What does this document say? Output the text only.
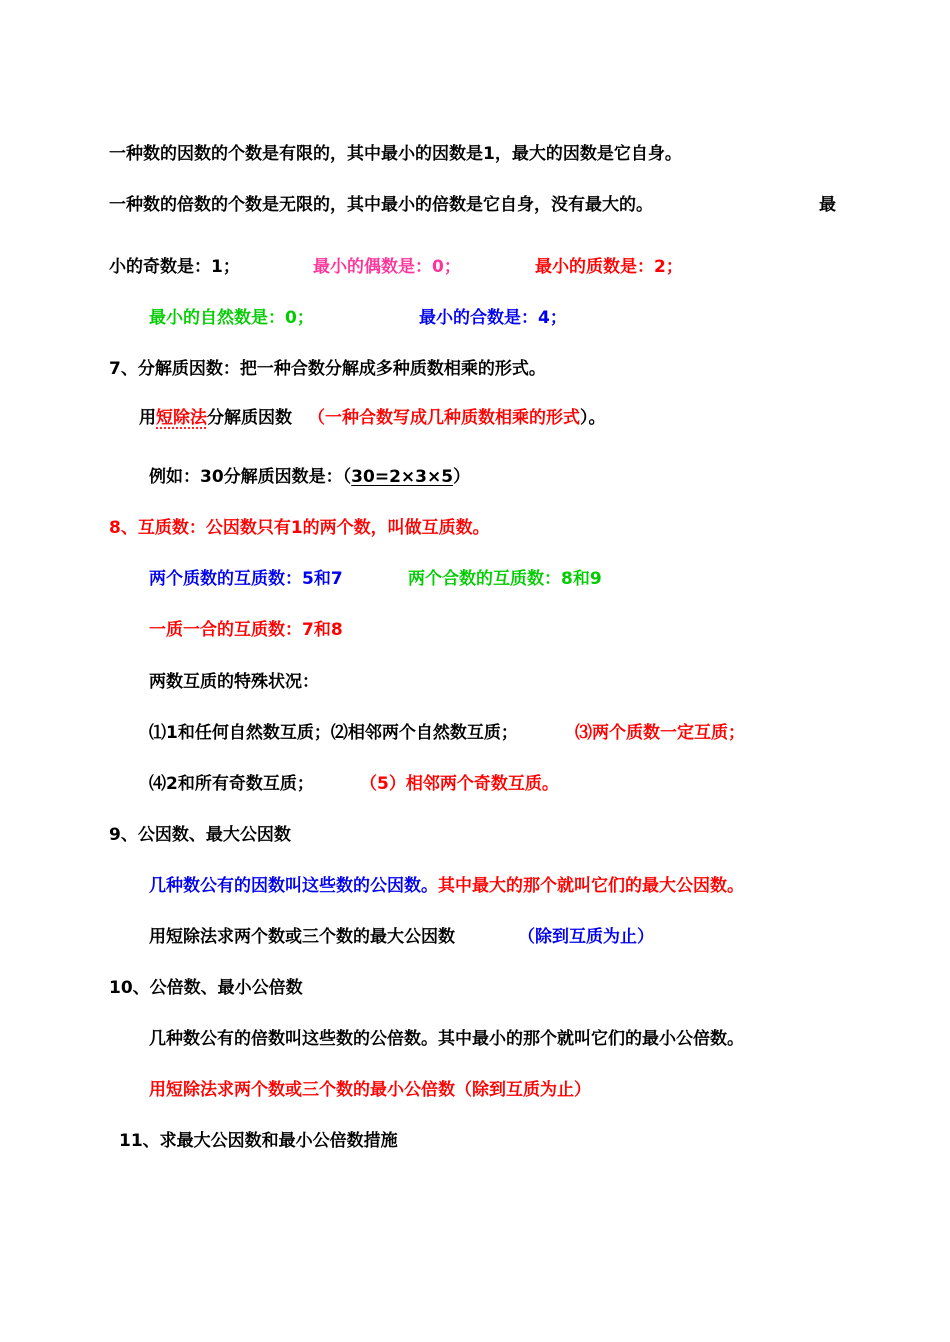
一种数的因数的个数是有限的，其中最小的因数是1，最大的因数是它自身。
一种数的倍数的个数是无限的，其中最小的倍数是它自身，没有最大的。	最
小的奇数是：1；	最小的偶数是：0；	最小的质数是：2；
最小的自然数是：0；	最小的合数是：4；
7、分解质因数：把一种合数分解成多种质数相乘的形式。
用短除法分解质因数 （一种合数写成几种质数相乘的形式）。
例如：30分解质因数是：（30=2×3×5）
8、互质数：公因数只有1的两个数，叫做互质数。
两个质数的互质数：5和7	两个合数的互质数：8和9
一质一合的互质数：7和8
两数互质的特殊状况：
⑴1和任何自然数互质；⑵相邻两个自然数互质；	⑶两个质数一定互质；
⑷2和所有奇数互质；	（5）相邻两个奇数互质。
9、公因数、最大公因数
几种数公有的因数叫这些数的公因数。其中最大的那个就叫它们的最大公因数。
用短除法求两个数或三个数的最大公因数	（除到互质为止）
10、公倍数、最小公倍数
几种数公有的倍数叫这些数的公倍数。其中最小的那个就叫它们的最小公倍数。
用短除法求两个数或三个数的最小公倍数（除到互质为止）
11、求最大公因数和最小公倍数措施
